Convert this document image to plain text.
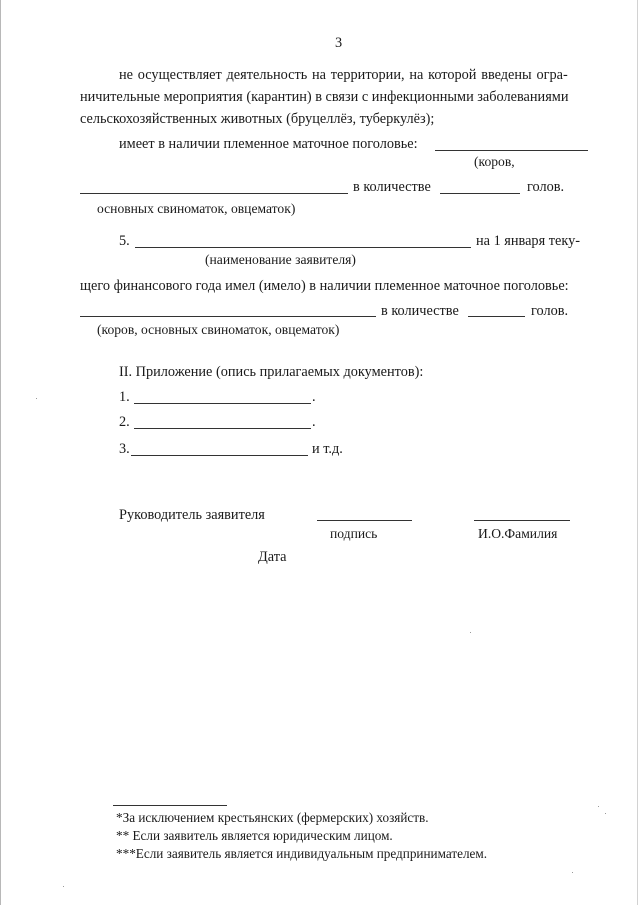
3
не осуществляет деятельность на территории, на которой введены огра-
ничительные мероприятия (карантин) в связи с инфекционными заболеваниями
сельскохозяйственных животных (бруцеллёз, туберкулёз);
имеет в наличии племенное маточное поголовье:
(коров,
в количестве	голов.
основных свиноматок, овцематок)
5.	на 1 января теку-
(наименование заявителя)
щего финансового года имел (имело) в наличии племенное маточное поголовье:
в количестве	голов.
(коров, основных свиноматок, овцематок)
II. Приложение (опись прилагаемых документов):
1.	.
2.	.
3.	и т.д.
Руководитель заявителя
подпись	И.О.Фамилия
Дата
*За исключением крестьянских (фермерских) хозяйств.
** Если заявитель является юридическим лицом.
***Если заявитель является индивидуальным предпринимателем.
